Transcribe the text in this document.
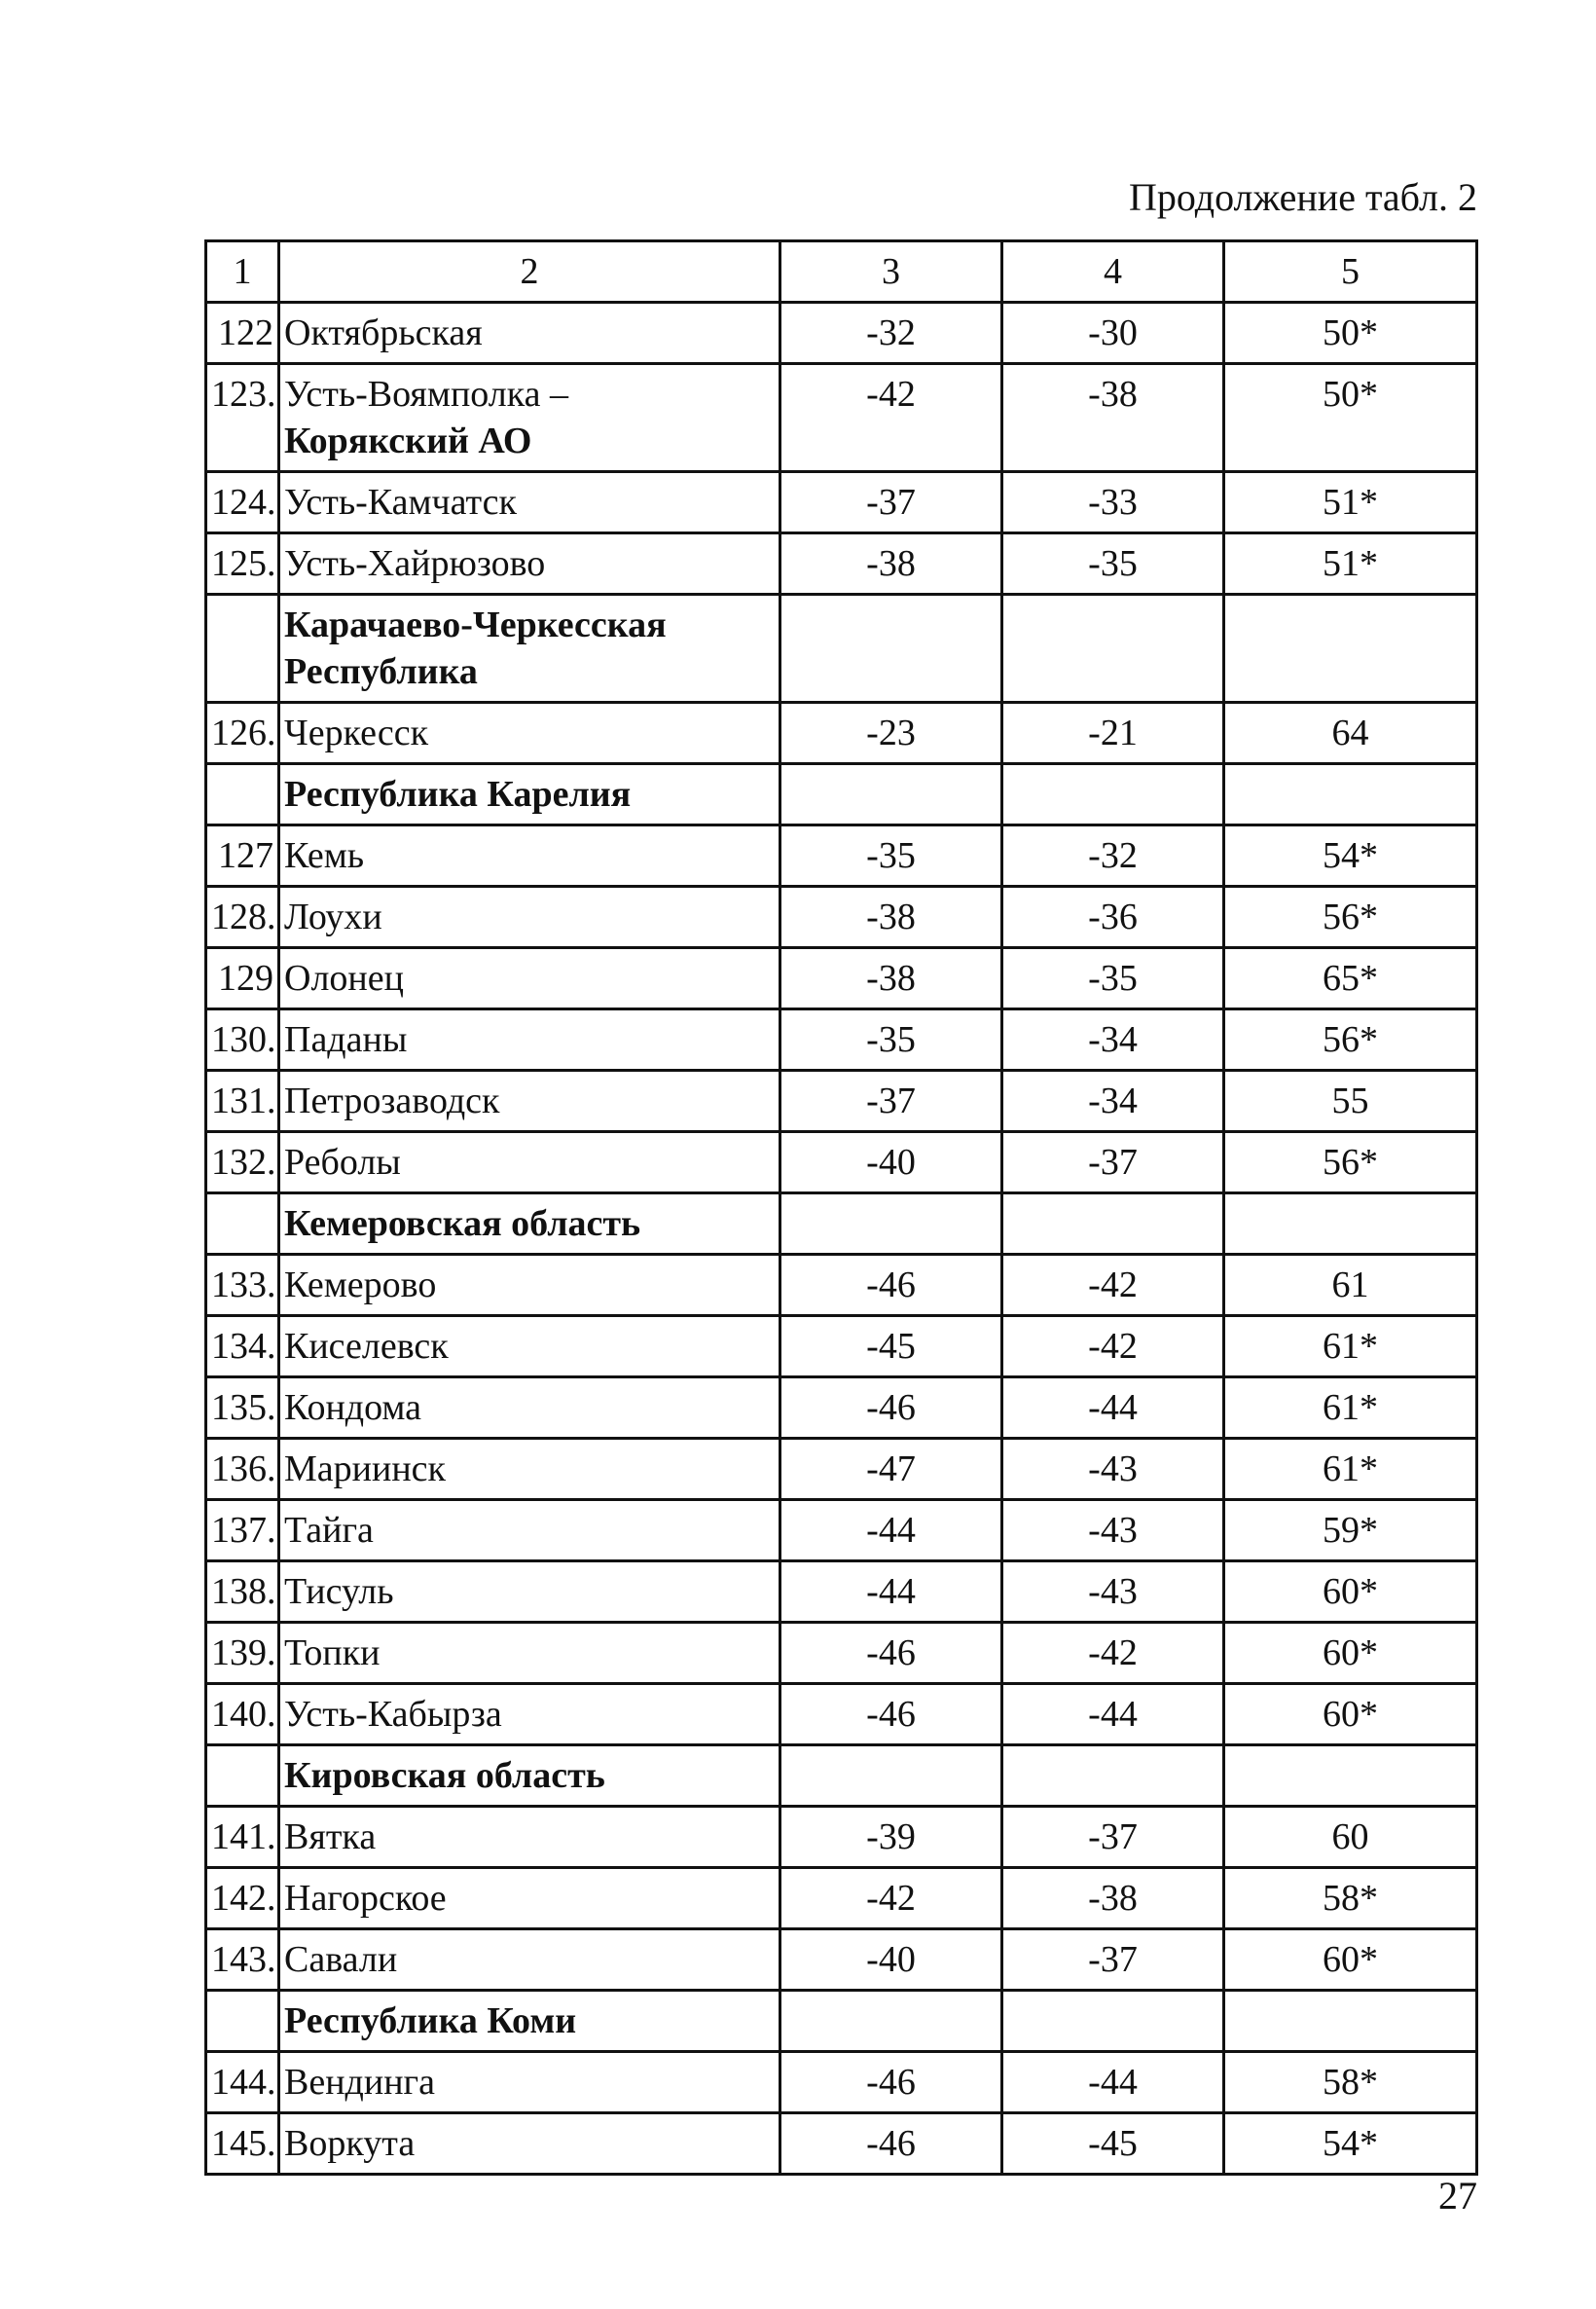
Продолжение табл. 2
1	2	3	4	5
122	Октябрьская	-32	-30	50*
123.	Усть-Воямполка –
Корякский АО	-42	-38	50*
124.	Усть-Камчатск	-37	-33	51*
125.	Усть-Хайрюзово	-38	-35	51*
	Карачаево-Черкесская Республика			
126.	Черкесск	-23	-21	64
	Республика Карелия			
127	Кемь	-35	-32	54*
128.	Лоухи	-38	-36	56*
129	Олонец	-38	-35	65*
130.	Паданы	-35	-34	56*
131.	Петрозаводск	-37	-34	55
132.	Реболы	-40	-37	56*
	Кемеровская область			
133.	Кемерово	-46	-42	61
134.	Киселевск	-45	-42	61*
135.	Кондома	-46	-44	61*
136.	Мариинск	-47	-43	61*
137.	Тайга	-44	-43	59*
138.	Тисуль	-44	-43	60*
139.	Топки	-46	-42	60*
140.	Усть-Кабырза	-46	-44	60*
	Кировская область			
141.	Вятка	-39	-37	60
142.	Нагорское	-42	-38	58*
143.	Савали	-40	-37	60*
	Республика Коми			
144.	Вендинга	-46	-44	58*
145.	Воркута	-46	-45	54*
27
